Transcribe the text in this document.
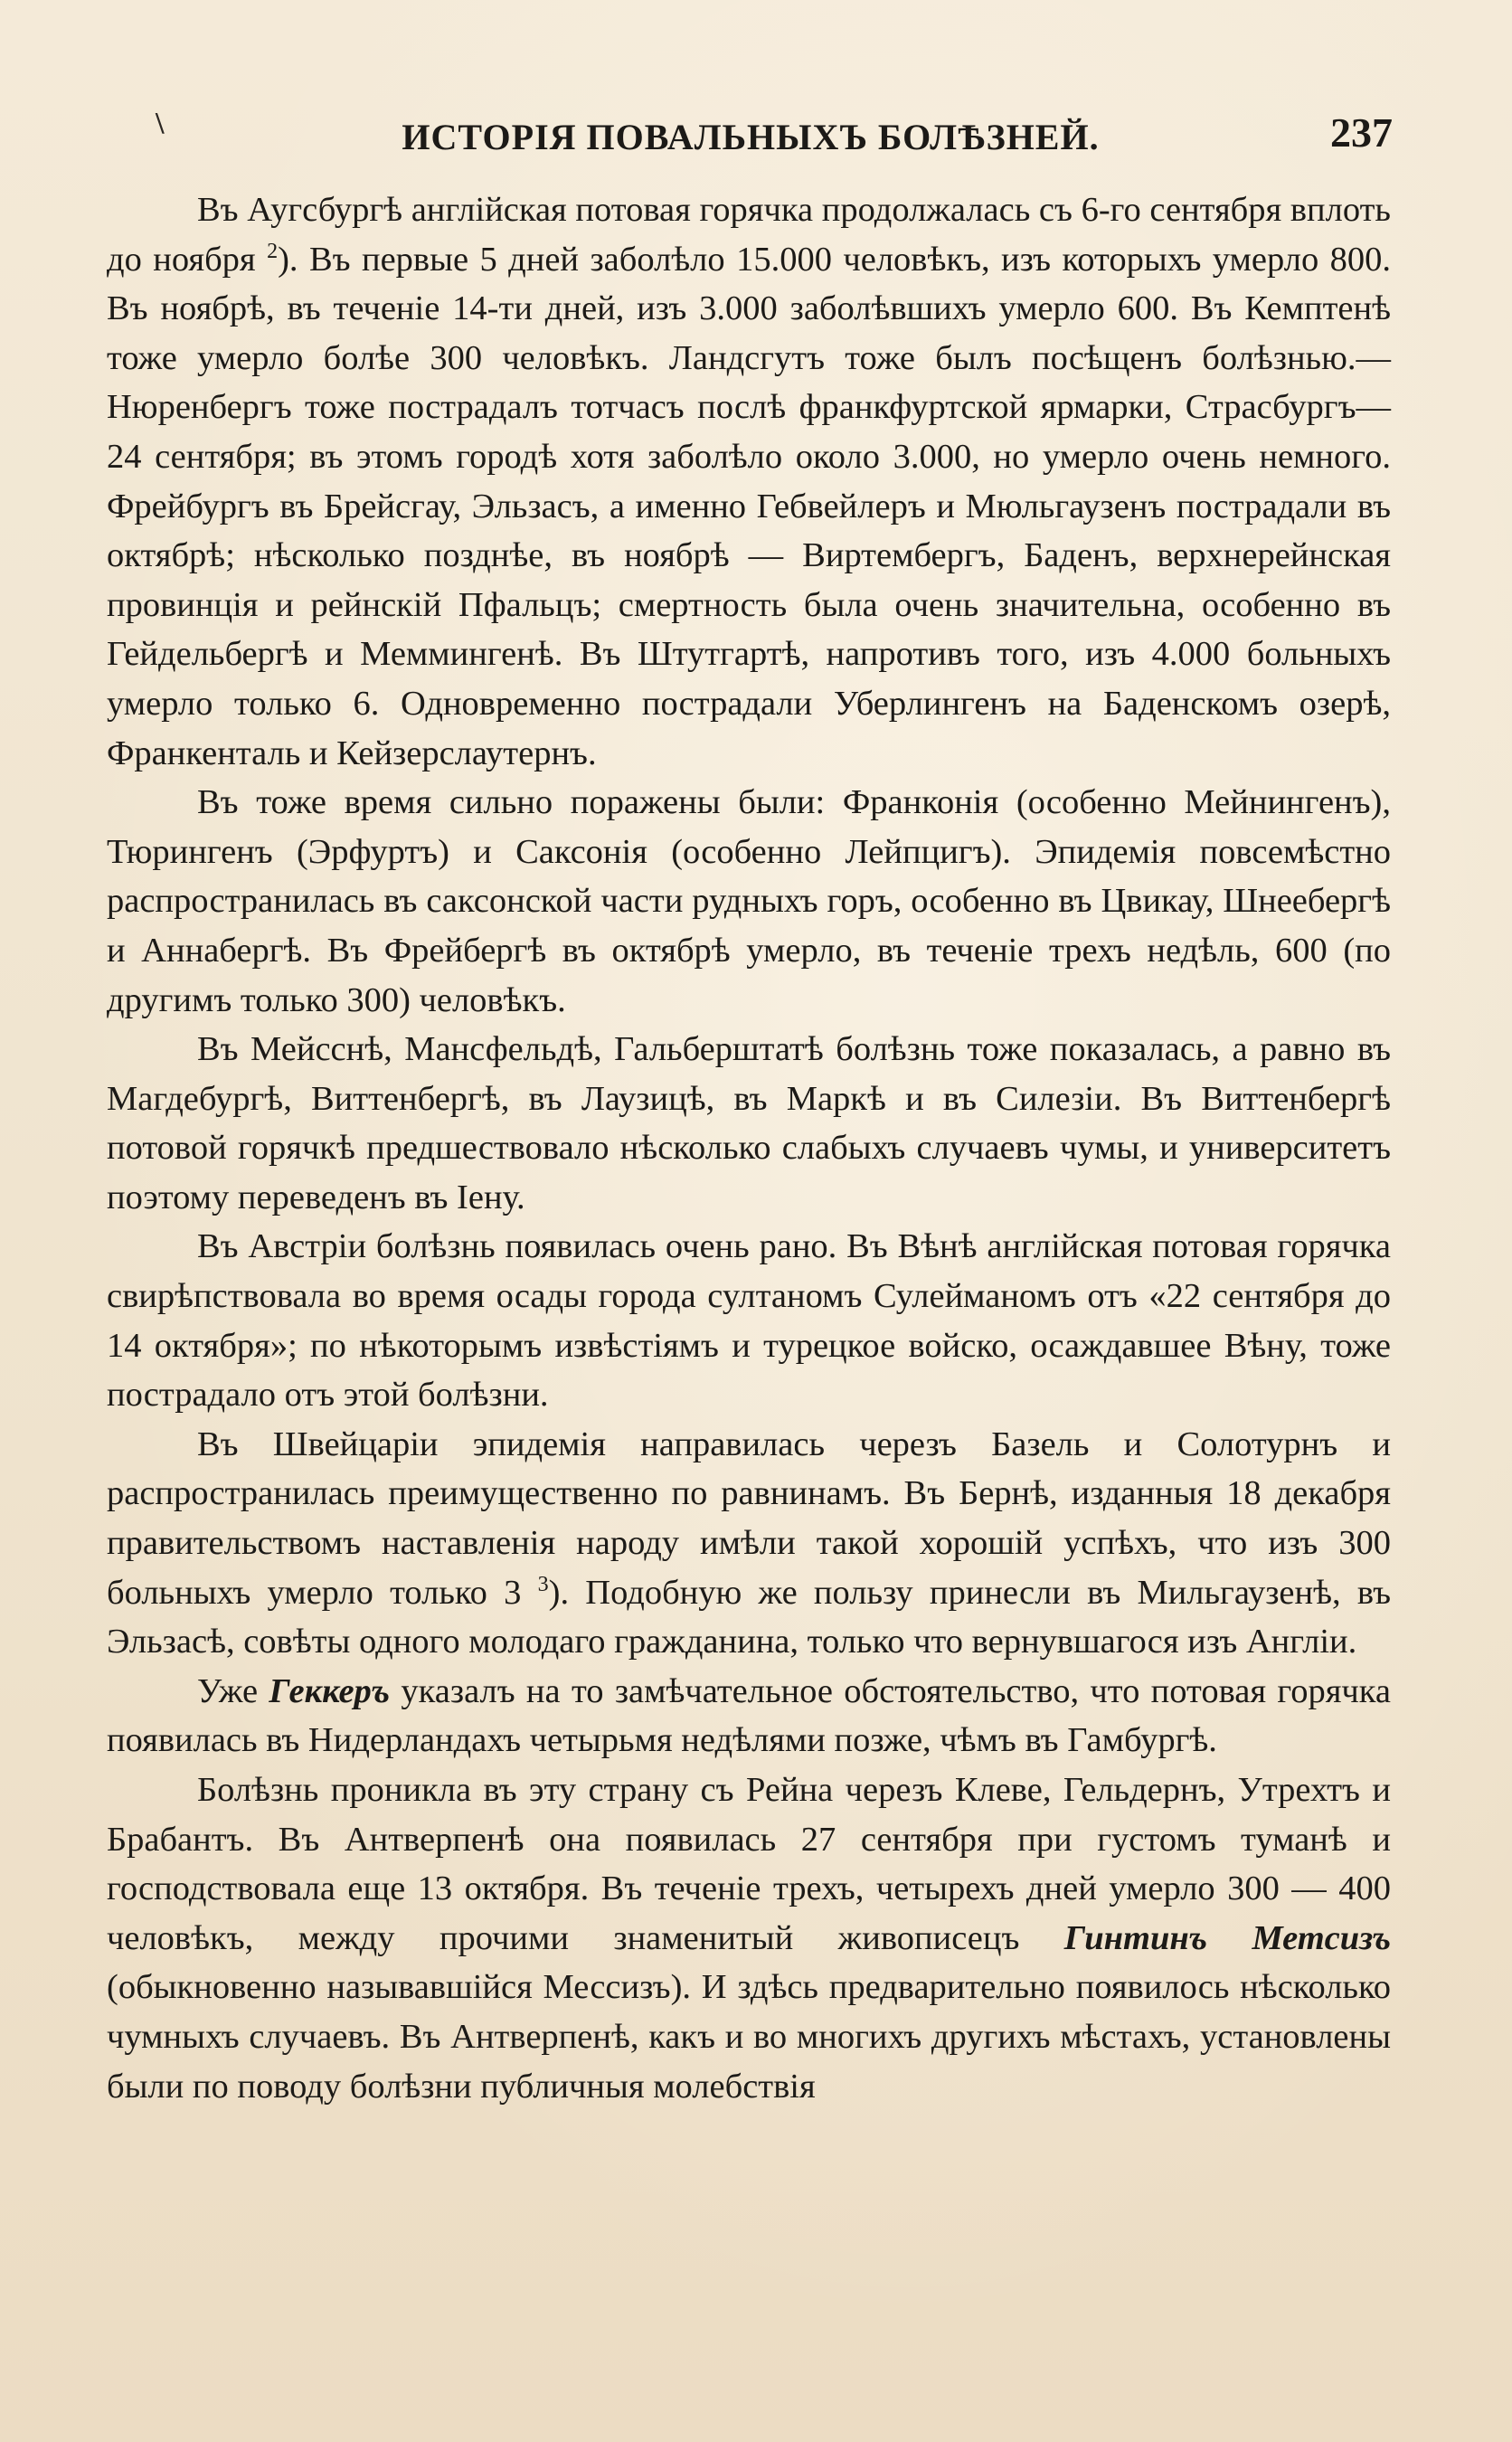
\	ИСТОРІЯ ПОВАЛЬНЫХЪ БОЛѢЗНЕЙ.	237

Въ Аугсбургѣ англійская потовая горячка продолжалась съ 6-го сентября вплоть до ноября $^2$). Въ первые 5 дней заболѣло 15.000 человѣкъ, изъ которыхъ умерло 800. Въ ноябрѣ, въ теченіе 14-ти дней, изъ 3.000 заболѣвшихъ умерло 600. Въ Кемптенѣ тоже умерло болѣе 300 человѣкъ. Ландсгутъ тоже былъ посѣщенъ болѣзнью.—Нюренбергъ тоже пострадалъ тотчасъ послѣ франкфуртской ярмарки, Страсбургъ—24 сентября; въ этомъ городѣ хотя заболѣло около 3.000, но умерло очень немного. Фрейбургъ въ Брейсгау, Эльзасъ, а именно Гебвейлеръ и Мюльгаузенъ пострадали въ октябрѣ; нѣсколько позднѣе, въ ноябрѣ — Виртембергъ, Баденъ, верхнерейнская провинція и рейнскій Пфальцъ; смертность была очень значительна, особенно въ Гейдельбергѣ и Меммингенѣ. Въ Штутгартѣ, напротивъ того, изъ 4.000 больныхъ умерло только 6. Одновременно пострадали Уберлингенъ на Баденскомъ озерѣ, Франкенталь и Кейзерслаутернъ.

Въ тоже время сильно поражены были: Франконія (особенно Мейнингенъ), Тюрингенъ (Эрфуртъ) и Саксонія (особенно Лейпцигъ). Эпидемія повсемѣстно распространилась въ саксонской части рудныхъ горъ, особенно въ Цвикау, Шнеебергѣ и Аннабергѣ. Въ Фрейбергѣ въ октябрѣ умерло, въ теченіе трехъ недѣль, 600 (по другимъ только 300) человѣкъ.

Въ Мейсснѣ, Мансфельдѣ, Гальберштатѣ болѣзнь тоже показалась, а равно въ Магдебургѣ, Виттенбергѣ, въ Лаузицѣ, въ Маркѣ и въ Силезіи. Въ Виттенбергѣ потовой горячкѣ предшествовало нѣсколько слабыхъ случаевъ чумы, и университетъ поэтому переведенъ въ Іену.

Въ Австріи болѣзнь появилась очень рано. Въ Вѣнѣ англійская потовая горячка свирѣпствовала во время осады города султаномъ Сулейманомъ отъ «22 сентября до 14 октября»; по нѣкоторымъ извѣстіямъ и турецкое войско, осаждавшее Вѣну, тоже пострадало отъ этой болѣзни.

Въ Швейцаріи эпидемія направилась черезъ Базель и Солотурнъ и распространилась преимущественно по равнинамъ. Въ Бернѣ, изданныя 18 декабря правительствомъ наставленія народу имѣли такой хорошій успѣхъ, что изъ 300 больныхъ умерло только 3 $^3$). Подобную же пользу принесли въ Мильгаузенѣ, въ Эльзасѣ, совѣты одного молодаго гражданина, только что вернувшагося изъ Англіи.

Уже Геккеръ указалъ на то замѣчательное обстоятельство, что потовая горячка появилась въ Нидерландахъ четырьмя недѣлями позже, чѣмъ въ Гамбургѣ.

Болѣзнь проникла въ эту страну съ Рейна черезъ Клеве, Гельдернъ, Утрехтъ и Брабантъ. Въ Антверпенѣ она появилась 27 сентября при густомъ туманѣ и господствовала еще 13 октября. Въ теченіе трехъ, четырехъ дней умерло 300 — 400 человѣкъ, между прочими знаменитый живописецъ Гинтинъ Метсизъ (обыкновенно называвшійся Мессизъ). И здѣсь предварительно появилось нѣсколько чумныхъ случаевъ. Въ Антверпенѣ, какъ и во многихъ другихъ мѣстахъ, установлены были по поводу болѣзни публичныя молебствія
